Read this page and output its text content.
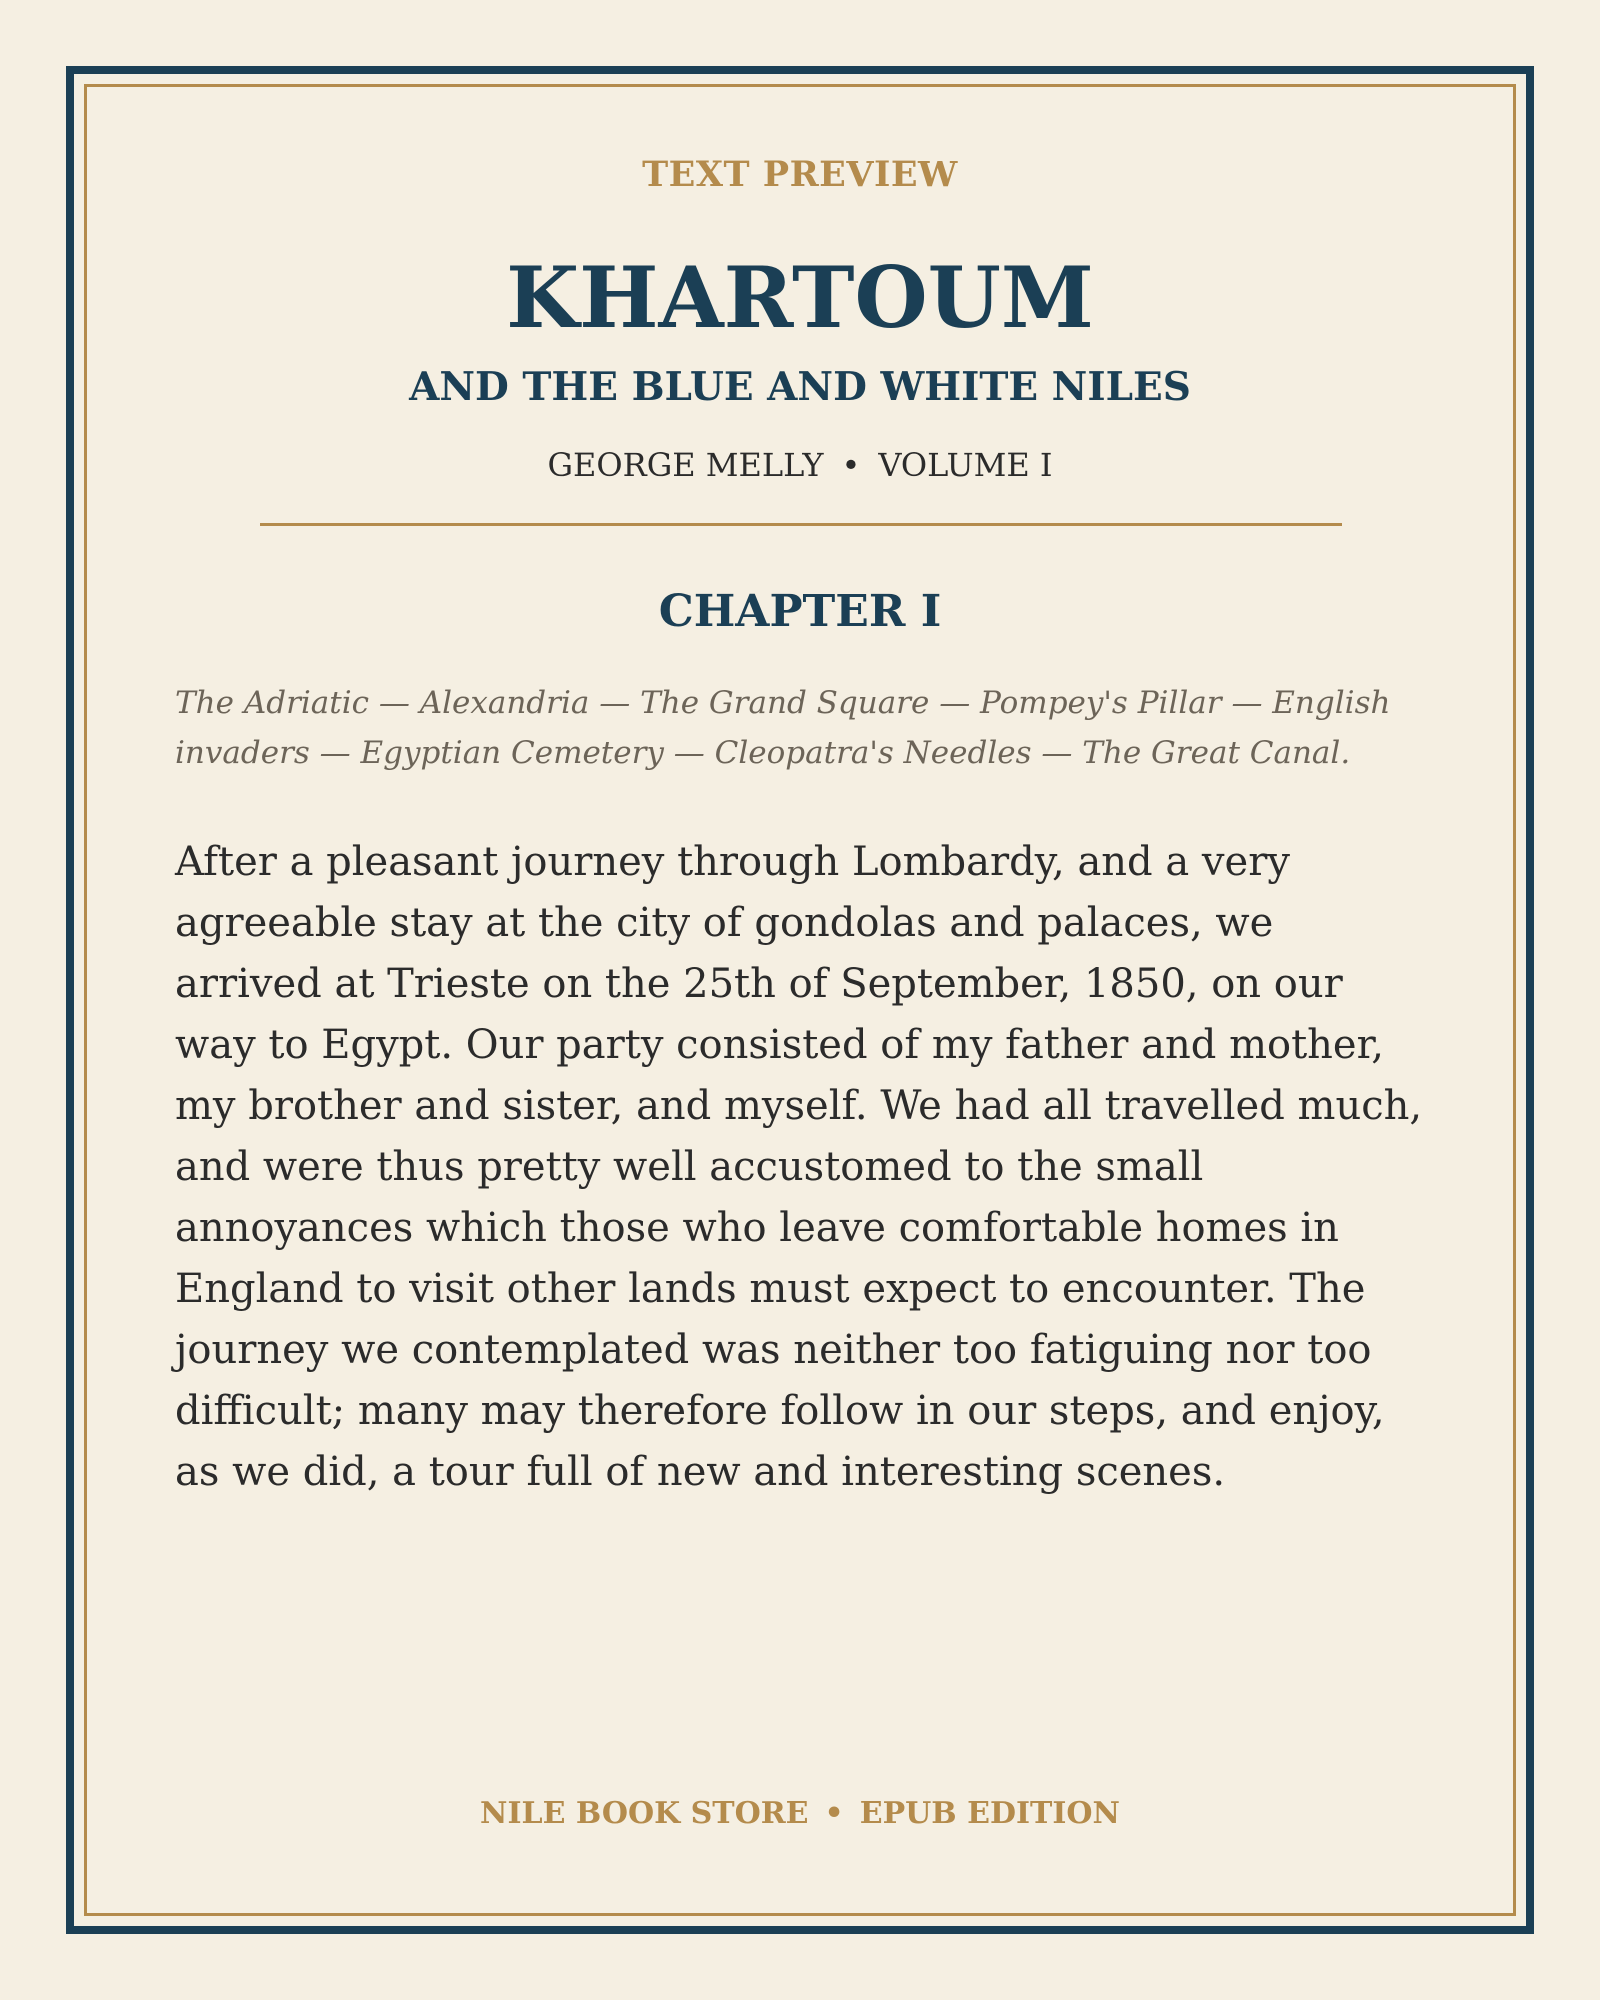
TEXT PREVIEW
KHARTOUM
AND THE BLUE AND WHITE NILES
GEORGE MELLY • VOLUME I
CHAPTER I
The Adriatic — Alexandria — The Grand Square — Pompey's Pillar — English invaders — Egyptian Cemetery — Cleopatra's Needles — The Great Canal.
After a pleasant journey through Lombardy, and a very agreeable stay at the city of gondolas and palaces, we arrived at Trieste on the 25th of September, 1850, on our way to Egypt. Our party consisted of my father and mother, my brother and sister, and myself. We had all travelled much, and were thus pretty well accustomed to the small annoyances which those who leave comfortable homes in England to visit other lands must expect to encounter. The journey we contemplated was neither too fatiguing nor too difficult; many may therefore follow in our steps, and enjoy, as we did, a tour full of new and interesting scenes.
NILE BOOK STORE • EPUB EDITION
